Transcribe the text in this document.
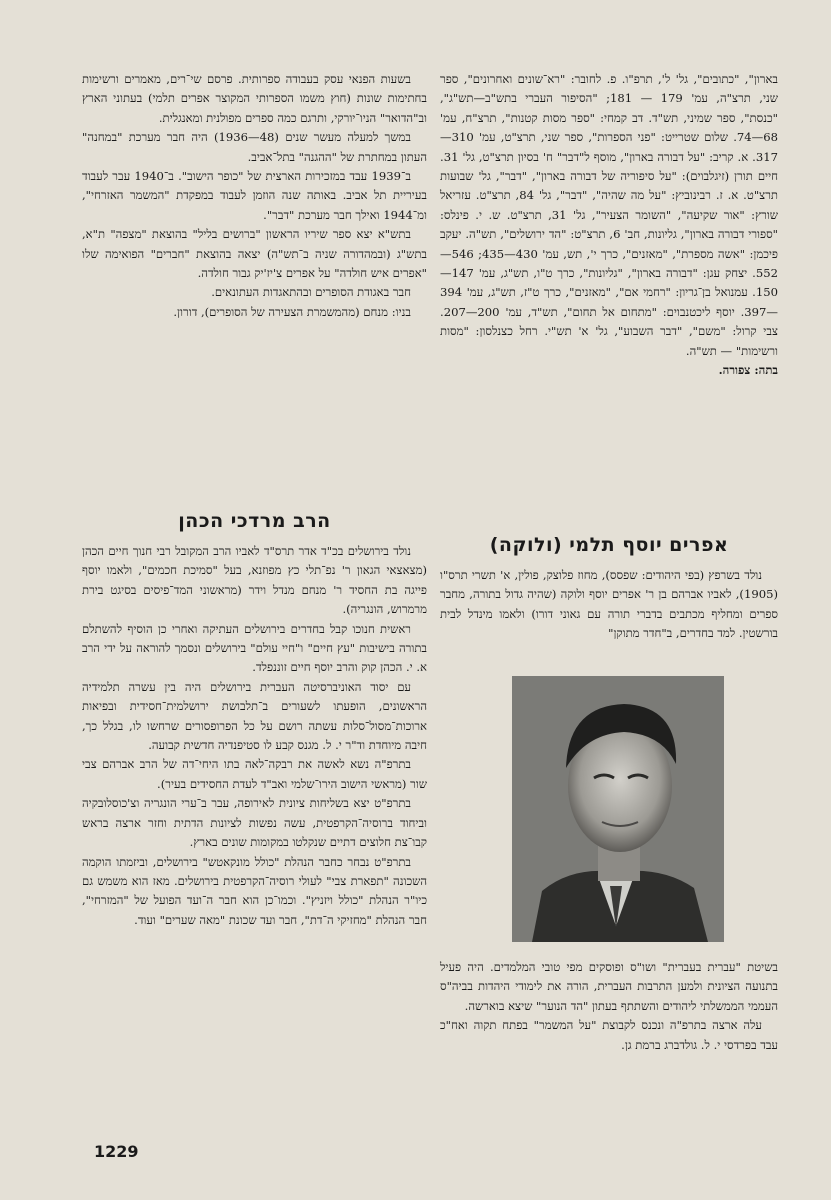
בארון", "כתובים", גל' ל', תרפ"ו. פ. לחובר: "רא־שונים ואחרונים", ספר שני, תרצ"ה, עמ' 179 — 181; "הסיפור העברי בתש"ב—תש"ג", "כנסת", ספר שמיני, תש"ד. דב קמחי: "ספר מסות קטנות", תרצ"ח, עמ' 68—74. שלום שטרייט: "פני הספרות", ספר שני, תרצ"ט, עמ' 310—317. א. קריב: "על דבורה בארון", מוסף ל"דבר" ח' בסיון תרצ"ט, גל' 31. חיים תורן (זיגלבוים): "על סיפוריה של דבורה בארון", "דבר", גל' שבועות תרצ"ט. א. ז. רבינוביץ: "על מה שהיה", "דבר", גל' 84, תרצ"ט. עזריאל שורץ: "אור שקיעה", "השומר הצעיר", גל' 31, תרצ"ט. ש. י. פינלס: "ספורי דבורה בארון", גליונות, חב' 6, תרצ"ט: "הד ירושלים", תש"ה. יעקב פיכמן: "אשה מספרת", "מאזנים", כרך י', תש, עמ' 430—435; 546—552. יצחק עגן: "דבורה בארון", "גליונות", כרך ט"ו, תש"ג, עמ' 147—150. עמנואל בן־גריון: "רחמי אם", "מאזנים", כרך ט"ז, תש"ג, עמ' 394—397. יוסף ליכטנבוים: "מתחום אל תחום", תש"ד, עמ' 200—207. צבי קרול: "משם", "דבר השבוע", גל' א' תש"י. רחל כצנלסון: "מסות ורשימות" — תש"ה.

בתה: צפורה.

אפרים יוסף תלמי (ולוקה)

נולד בשרפץ (בפי היהודים: שפסס), מחוז פלוצק, פולין, א' תשרי תרס"ו (1905), לאביו אברהם בן ר' אפרים יוסף ולוקה (שהיה גדול בתורה, מחבר ספרים ומחליף מכתבים בדברי תורה עם גאוני דורו) ולאמו מינדל לבית בורשטין. למד בחדרים, ב"חדר מתוקן"

בשיטת "עברית בעברית" ושו"ס ופוסקים מפי טובי המלמדים. היה פעיל בתנועה הציונית ולמען התרבות העברית, הורה את לימודי היהדות בביה"ס העממי הממשלתי ליהודים והשתתף בעתון "הד הנוער" שיצא בוארשה.

עלה ארצה בתרפ"ה ונכנס לקבוצת "על המשמר" בפתח תקוה ואח"כ עבד בפרדסי י. ל. גולדברג ברמת גן.

בשעות הפנאי עסק בעבודה ספרותית. פרסם שי־רים, מאמרים ורשימות בחתימות שונות (חוץ משמו הספרותי המקוצר אפרים תלמי) בעתוני הארץ וב"הדואר" הניו־יורקי, ותרגם כמה ספרים מפולנית ומאנגלית.

במשך למעלה מעשר שנים (48—1936) היה חבר מערכת "במחנה" העתון במחתרת של "ההגנה" בתל־אביב.

ב־1939 עבד במזכירות הארצית של "כופר הישוב". ב־1940 עבר לעבוד בעיריית תל אביב. באותה שנה הוזמן לעבוד במפקדת "המשמר האזרחי", ומ־1944 ואילך חבר מערכת "דבר".

בתש"א יצא ספר שיריו הראשון "ברושים בליל" בהוצאת "מצפה" ת"א, בתש"ג (ובמהדורה שניה ב־תש"ה) יצאה בהוצאת "חברים" הפואימה שלו "אפרים איש חולדה" על אפרים צ'יז'יק גבור חולדה.

חבר באגודת הסופרים ובהתאגדות העתונאים.

בניו: מנחם (מהמשמרת הצעירה של הסופרים), דורון.

הרב מרדכי הכהן

נולד בירושלים בכ"ד אדר תרס"ד לאביו הרב המקובל רבי חנוך חיים הכהן (מצאצאי הגאון ר' נפ־תלי כץ מפוזנא, בעל "סמיכת חכמים", ולאמו יוסף פייגה בת החסיד ר' מנחם מנדל וידר (מראשוני המד־פיסים בסיגט בירת מרמרוש, הונגריה).

ראשית חנוכו קבל בחדרים בירושלים העתיקה ואחרי כן הוסיף להשתלם בתורה בישיבות "עץ חיים" ו"חיי עולם" בירושלים ונסמך להוראה על ידי הרב א. י. הכהן קוק והרב יוסף חיים זוננפלד.

עם יסוד האוניברסיטה העברית בירושלים היה בין עשרה תלמידיה הראשונים, הופעתו לשעורים ב־תלבושת ירושלמית־חסידית ובפיאות ארוכות־מסול־סלות עשתה רושם על כל הפרופסורים שרחשו לו, בגלל כך, חיבה מיוחדת וד"ר י. ל. מגנס קבע לו סטיפנדיה חדשית קבועה.

בתרפ"ה נשא לאשה את רבקה־לאה בתו היחי־דה של הרב אברהם צבי שור (מראשי הישוב הירו־שלמי ואב"ד לעדת החסידים בעיר).

בתרפ"ט יצא בשליחות ציונית לאירופה, עבר ב־ערי הונגריה וצ'כוסלובקיה וביחוד ברוסיה־הקרפטית, עשה נפשות לציונות הדתית וחזר ארצה בראש קבו־צת חלוצים דתיים שנקלטו במקומות שונים בארץ.

בתרפ"ט נבחר כחבר הנהלת "כולל מונקאטש" בירושלים, וביזמתו הוקמה השכונה "תפארת צבי" לעולי רוסיה־הקרפטית בירושלים. מאז הוא משמש גם כיו"ר הנהלת "כולל ויזניץ". וכמו־כן הוא חבר ה־ועד הפועל של "המזרחי", חבר הנהלת "מחזיקי ה־דת", חבר ועד שכונת "מאה שערים" ועוד.

1229
